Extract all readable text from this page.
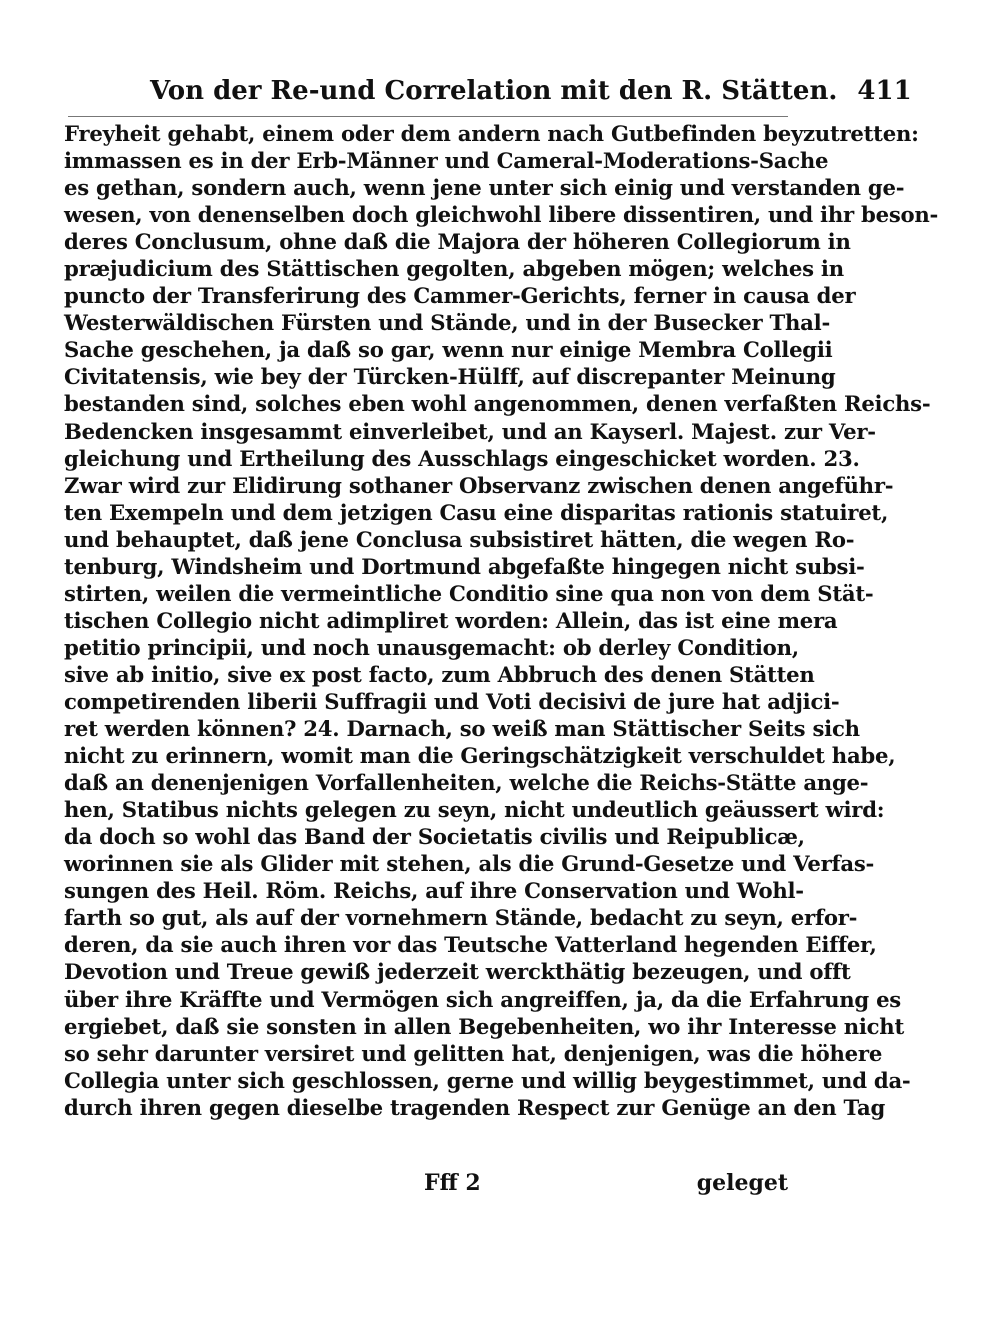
Von der Re-und Correlation mit den R. Stätten. 411
Freyheit gehabt, einem oder dem andern nach Gutbefinden beyzutretten:
immassen es in der Erb-Männer und Cameral-Moderations-Sache
es gethan, sondern auch, wenn jene unter sich einig und verstanden ge-
wesen, von denenselben doch gleichwohl libere dissentiren, und ihr beson-
deres Conclusum, ohne daß die Majora der höheren Collegiorum in
præjudicium des Stättischen gegolten, abgeben mögen; welches in
puncto der Transferirung des Cammer-Gerichts, ferner in causa der
Westerwäldischen Fürsten und Stände, und in der Busecker Thal-
Sache geschehen, ja daß so gar, wenn nur einige Membra Collegii
Civitatensis, wie bey der Türcken-Hülff, auf discrepanter Meinung
bestanden sind, solches eben wohl angenommen, denen verfaßten Reichs-
Bedencken insgesammt einverleibet, und an Kayserl. Majest. zur Ver-
gleichung und Ertheilung des Ausschlags eingeschicket worden. 23.
Zwar wird zur Elidirung sothaner Observanz zwischen denen angeführ-
ten Exempeln und dem jetzigen Casu eine disparitas rationis statuiret,
und behauptet, daß jene Conclusa subsistiret hätten, die wegen Ro-
tenburg, Windsheim und Dortmund abgefaßte hingegen nicht subsi-
stirten, weilen die vermeintliche Conditio sine qua non von dem Stät-
tischen Collegio nicht adimpliret worden: Allein, das ist eine mera
petitio principii, und noch unausgemacht: ob derley Condition,
sive ab initio, sive ex post facto, zum Abbruch des denen Stätten
competirenden liberii Suffragii und Voti decisivi de jure hat adjici-
ret werden können? 24. Darnach, so weiß man Stättischer Seits sich
nicht zu erinnern, womit man die Geringschätzigkeit verschuldet habe,
daß an denenjenigen Vorfallenheiten, welche die Reichs-Stätte ange-
hen, Statibus nichts gelegen zu seyn, nicht undeutlich geäussert wird:
da doch so wohl das Band der Societatis civilis und Reipublicæ,
worinnen sie als Glider mit stehen, als die Grund-Gesetze und Verfas-
sungen des Heil. Röm. Reichs, auf ihre Conservation und Wohl-
farth so gut, als auf der vornehmern Stände, bedacht zu seyn, erfor-
deren, da sie auch ihren vor das Teutsche Vatterland hegenden Eiffer,
Devotion und Treue gewiß jederzeit werckthätig bezeugen, und offt
über ihre Kräffte und Vermögen sich angreiffen, ja, da die Erfahrung es
ergiebet, daß sie sonsten in allen Begebenheiten, wo ihr Interesse nicht
so sehr darunter versiret und gelitten hat, denjenigen, was die höhere
Collegia unter sich geschlossen, gerne und willig beygestimmet, und da-
durch ihren gegen dieselbe tragenden Respect zur Genüge an den Tag
Fff 2	geleget
